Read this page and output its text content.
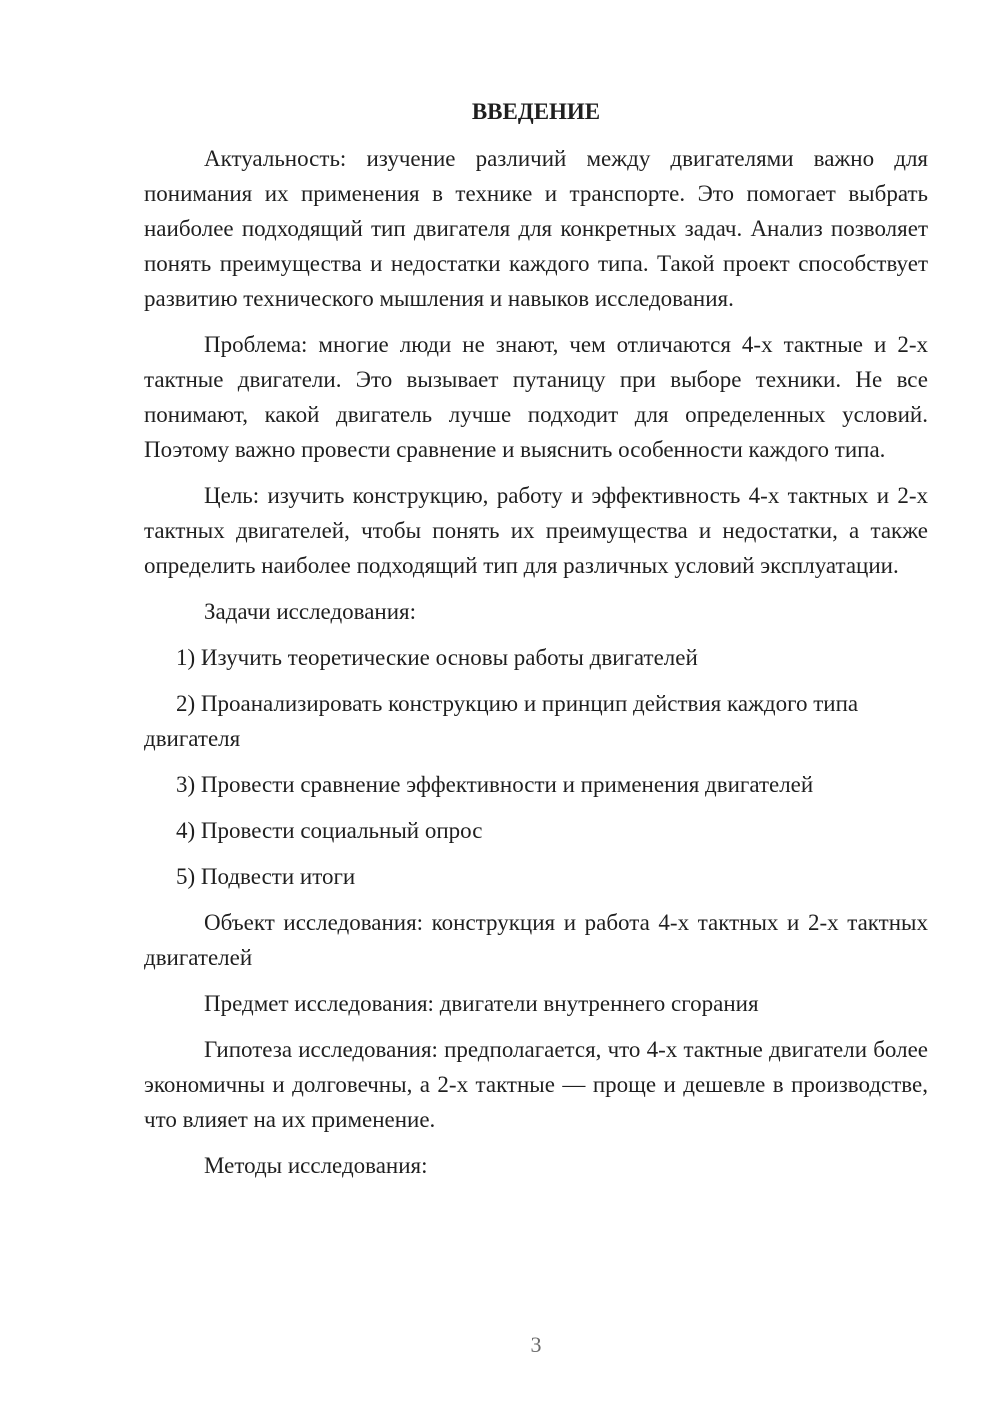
ВВЕДЕНИЕ

Актуальность: изучение различий между двигателями важно для понимания их применения в технике и транспорте. Это помогает выбрать наиболее подходящий тип двигателя для конкретных задач. Анализ позволяет понять преимущества и недостатки каждого типа. Такой проект способствует развитию технического мышления и навыков исследования.

Проблема: многие люди не знают, чем отличаются 4-х тактные и 2-х тактные двигатели. Это вызывает путаницу при выборе техники. Не все понимают, какой двигатель лучше подходит для определенных условий. Поэтому важно провести сравнение и выяснить особенности каждого типа.

Цель: изучить конструкцию, работу и эффективность 4-х тактных и 2-х тактных двигателей, чтобы понять их преимущества и недостатки, а также определить наиболее подходящий тип для различных условий эксплуатации.

Задачи исследования:

1) Изучить теоретические основы работы двигателей

2) Проанализировать конструкцию и принцип действия каждого типа двигателя

3) Провести сравнение эффективности и применения двигателей

4) Провести социальный опрос

5) Подвести итоги

Объект исследования: конструкция и работа 4-х тактных и 2-х тактных двигателей

Предмет исследования: двигатели внутреннего сгорания

Гипотеза исследования: предполагается, что 4-х тактные двигатели более экономичны и долговечны, а 2-х тактные — проще и дешевле в производстве, что влияет на их применение.

Методы исследования:

3
